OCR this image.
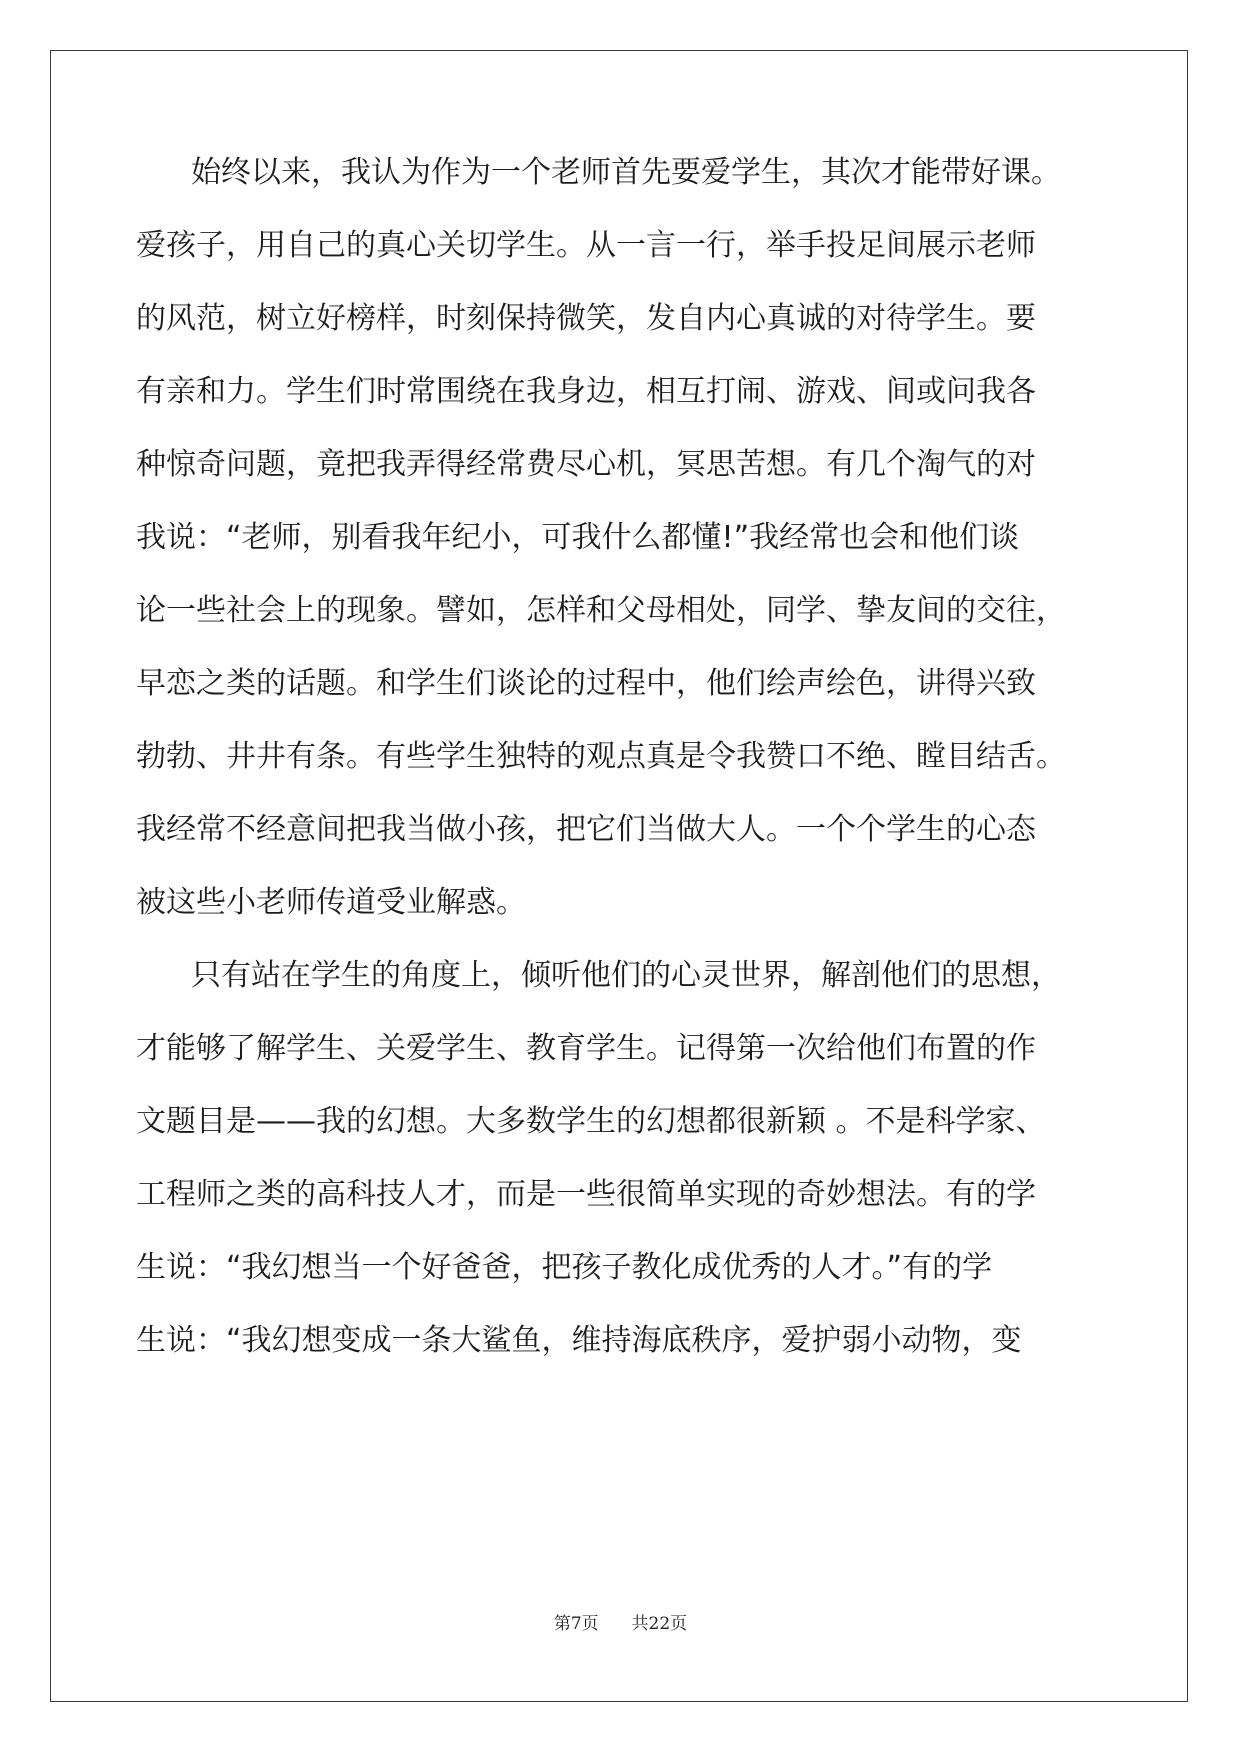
始终以来，我认为作为一个老师首先要爱学生，其次才能带好课。

爱孩子，用自己的真心关切学生。从一言一行，举手投足间展示老师

的风范，树立好榜样，时刻保持微笑，发自内心真诚的对待学生。要

有亲和力。学生们时常围绕在我身边，相互打闹、游戏、间或问我各

种惊奇问题，竟把我弄得经常费尽心机，冥思苦想。有几个淘气的对

我说：“老师，别看我年纪小，可我什么都懂!”我经常也会和他们谈

论一些社会上的现象。譬如，怎样和父母相处，同学、挚友间的交往，

早恋之类的话题。和学生们谈论的过程中，他们绘声绘色，讲得兴致

勃勃、井井有条。有些学生独特的观点真是令我赞口不绝、瞠目结舌。

我经常不经意间把我当做小孩，把它们当做大人。一个个学生的心态

被这些小老师传道受业解惑。

只有站在学生的角度上，倾听他们的心灵世界，解剖他们的思想，

才能够了解学生、关爱学生、教育学生。记得第一次给他们布置的作

文题目是——我的幻想。大多数学生的幻想都很新颖 。不是科学家、

工程师之类的高科技人才，而是一些很简单实现的奇妙想法。有的学

生说：“我幻想当一个好爸爸，把孩子教化成优秀的人才。”有的学

生说：“我幻想变成一条大鲨鱼，维持海底秩序，爱护弱小动物，变

第7页 共22页
